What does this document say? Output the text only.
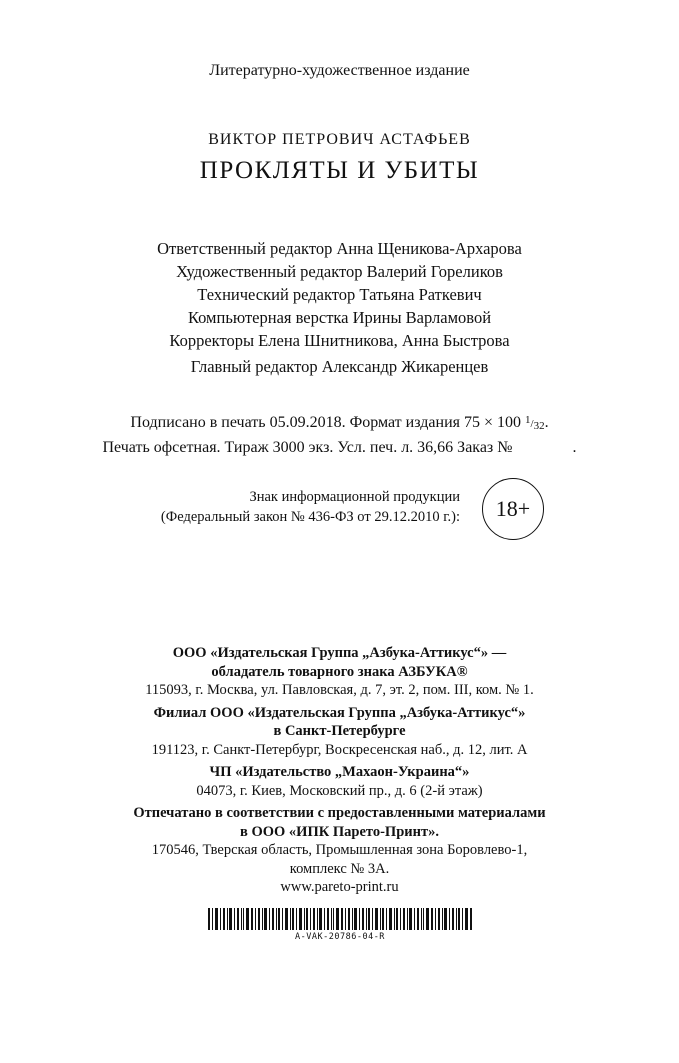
Литературно-художественное издание
ВИКТОР ПЕТРОВИЧ АСТАФЬЕВ
ПРОКЛЯТЫ И УБИТЫ
Ответственный редактор Анна Щеникова-Архарова
Художественный редактор Валерий Гореликов
Технический редактор Татьяна Раткевич
Компьютерная верстка Ирины Варламовой
Корректоры Елена Шнитникова, Анна Быстрова
Главный редактор Александр Жикаренцев
Подписано в печать 05.09.2018. Формат издания 75 × 100 1/32.
Печать офсетная. Тираж 3000 экз. Усл. печ. л. 36,66 Заказ №	.
Знак информационной продукции
(Федеральный закон № 436-ФЗ от 29.12.2010 г.): 18+
ООО «Издательская Группа „Азбука-Аттикус“» —
обладатель товарного знака АЗБУКА®
115093, г. Москва, ул. Павловская, д. 7, эт. 2, пом. III, ком. № 1.
Филиал ООО «Издательская Группа „Азбука-Аттикус“»
в Санкт-Петербурге
191123, г. Санкт-Петербург, Воскресенская наб., д. 12, лит. А
ЧП «Издательство „Махаон-Украина“»
04073, г. Киев, Московский пр., д. 6 (2-й этаж)
Отпечатано в соответствии с предоставленными материалами
в ООО «ИПК Парето-Принт».
170546, Тверская область, Промышленная зона Боровлево-1,
комплекс № 3А.
www.pareto-print.ru
A-VAK-20786-04-R
